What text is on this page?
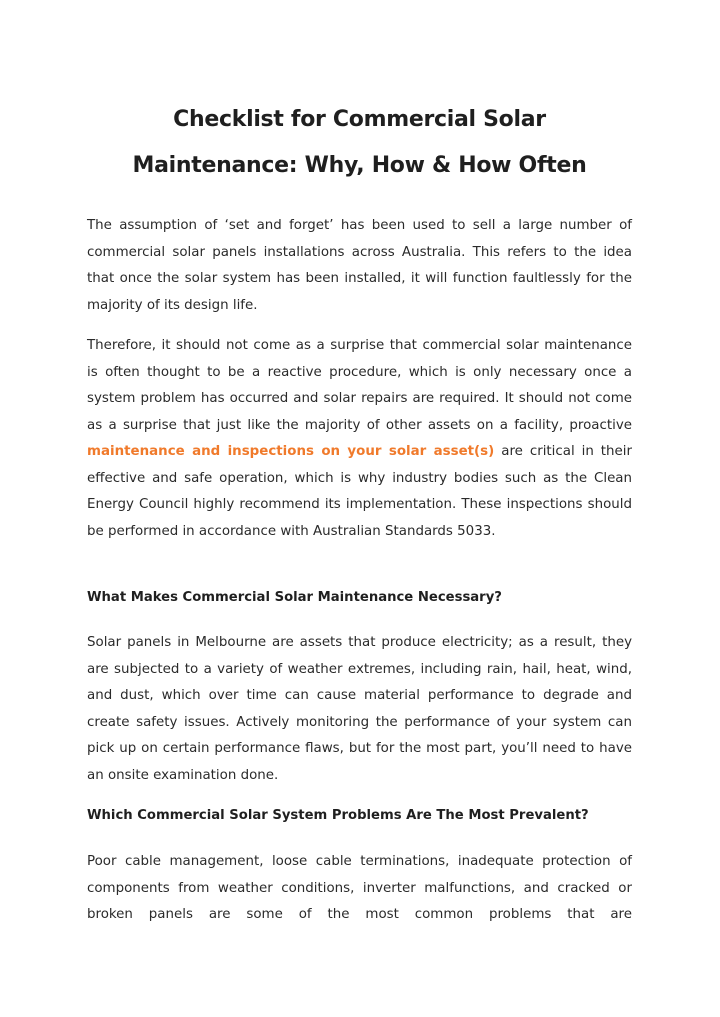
Checklist for Commercial Solar
Maintenance: Why, How & How Often

The assumption of ‘set and forget’ has been used to sell a large number of commercial solar panels installations across Australia. This refers to the idea that once the solar system has been installed, it will function faultlessly for the majority of its design life.

Therefore, it should not come as a surprise that commercial solar maintenance is often thought to be a reactive procedure, which is only necessary once a system problem has occurred and solar repairs are required. It should not come as a surprise that just like the majority of other assets on a facility, proactive maintenance and inspections on your solar asset(s) are critical in their effective and safe operation, which is why industry bodies such as the Clean Energy Council highly recommend its implementation. These inspections should be performed in accordance with Australian Standards 5033.

What Makes Commercial Solar Maintenance Necessary?

Solar panels in Melbourne are assets that produce electricity; as a result, they are subjected to a variety of weather extremes, including rain, hail, heat, wind, and dust, which over time can cause material performance to degrade and create safety issues. Actively monitoring the performance of your system can pick up on certain performance flaws, but for the most part, you’ll need to have an onsite examination done.

Which Commercial Solar System Problems Are The Most Prevalent?

Poor cable management, loose cable terminations, inadequate protection of components from weather conditions, inverter malfunctions, and cracked or broken panels are some of the most common problems that are
